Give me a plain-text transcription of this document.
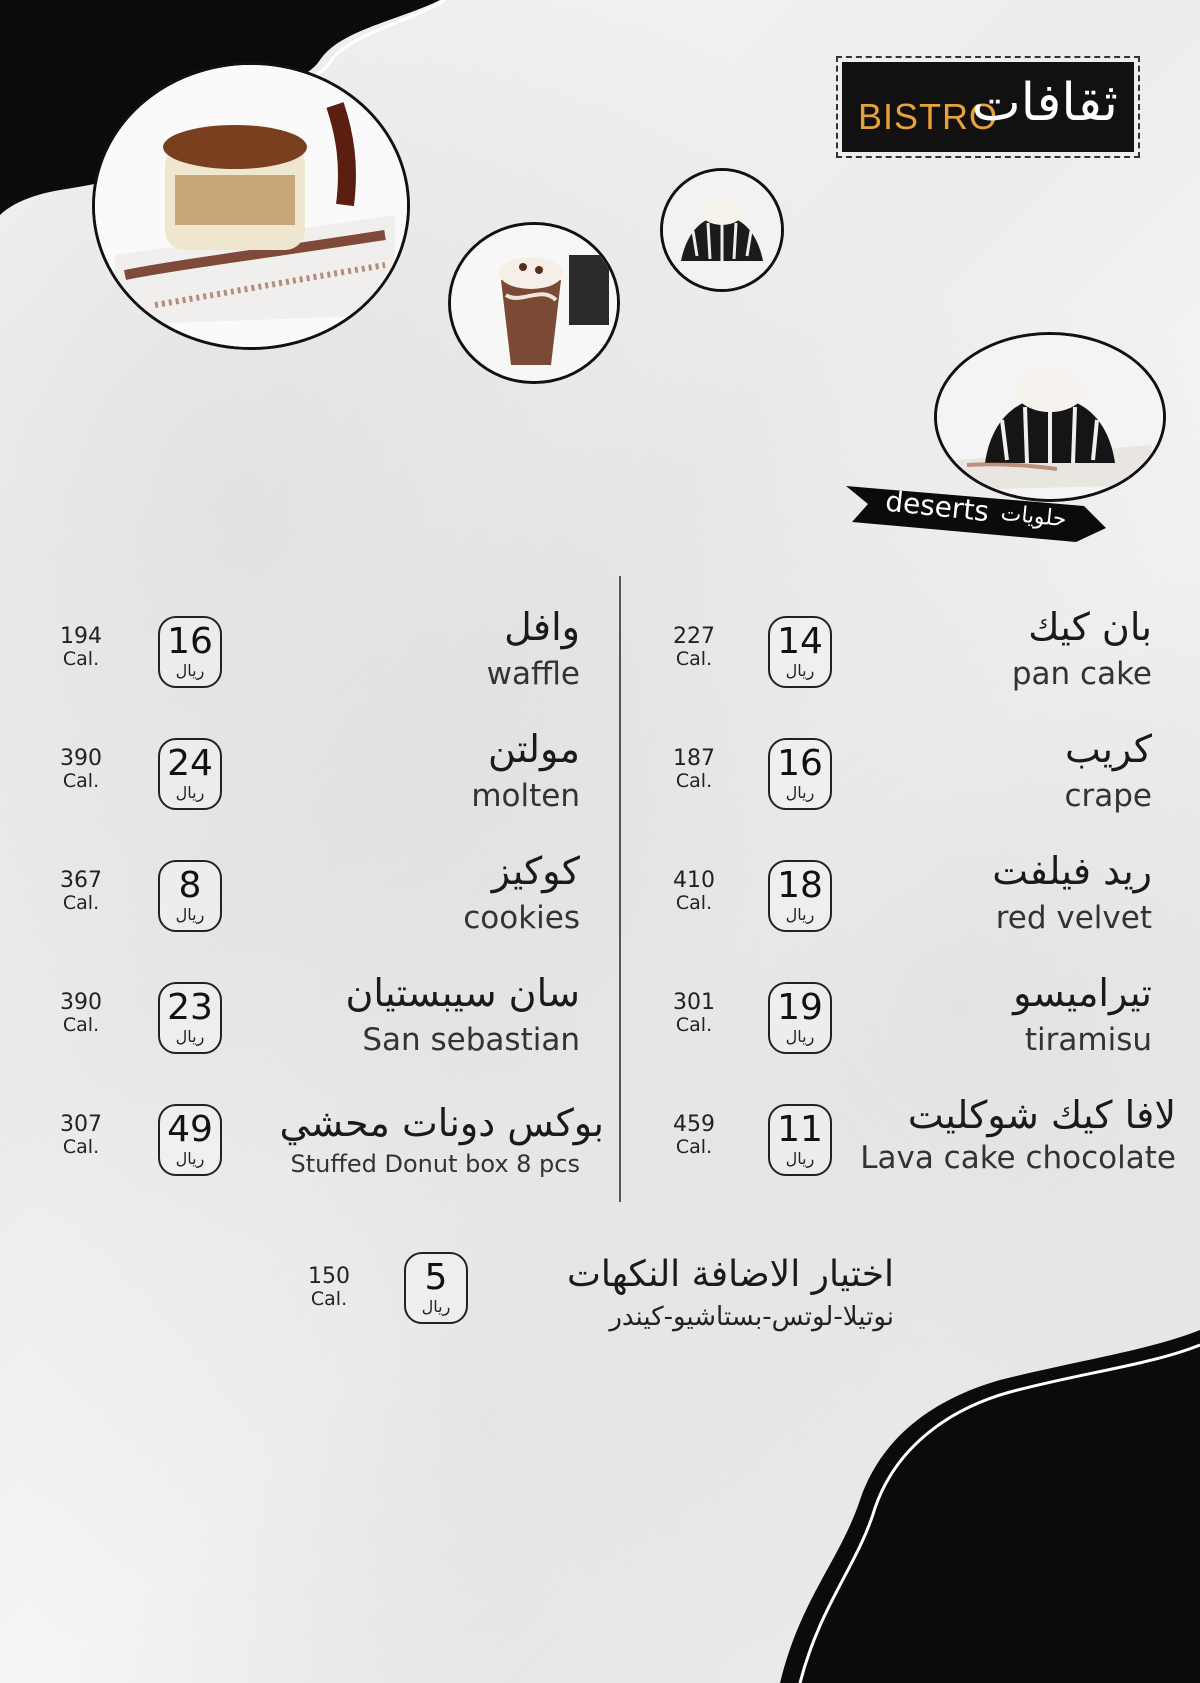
BISTRO
ثقافات
deserts حلويات
بان كيك
pan cake
14
ريال
227
Cal.
كريب
crape
16
ريال
187
Cal.
ريد فيلفت
red velvet
18
ريال
410
Cal.
تيراميسو
tiramisu
19
ريال
301
Cal.
لافا كيك شوكليت
Lava cake chocolate
11
ريال
459
Cal.
وافل
waffle
16
ريال
194
Cal.
مولتن
molten
24
ريال
390
Cal.
كوكيز
cookies
8
ريال
367
Cal.
سان سيبستيان
San sebastian
23
ريال
390
Cal.
بوكس دونات محشي
Stuffed Donut box 8 pcs
49
ريال
307
Cal.
اختيار الاضافة النكهات
نوتيلا-لوتس-بستاشيو-كيندر
5
ريال
150
Cal.
